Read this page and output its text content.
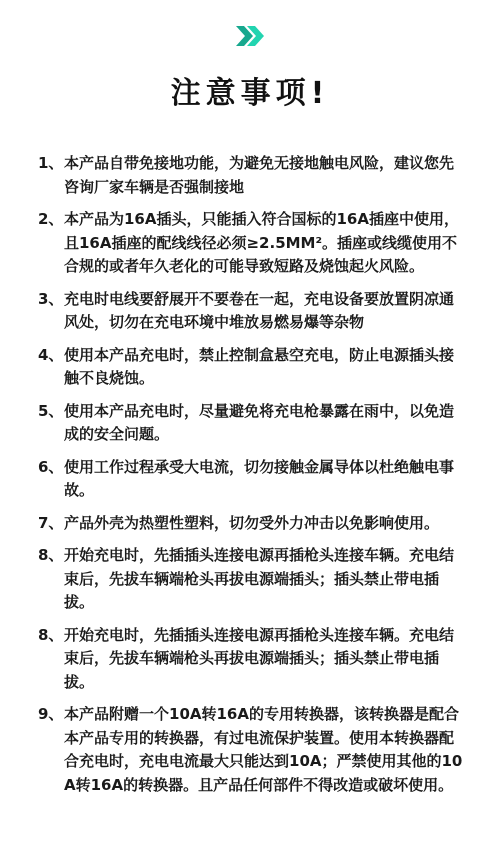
注意事项!
1、 本产品自带免接地功能，为避免无接地触电风险，建议您先咨询厂家车辆是否强制接地
2、 本产品为16A插头，只能插入符合国标的16A插座中使用，且16A插座的配线线径必须≥2.5MM²。插座或线缆使用不合规的或者年久老化的可能导致短路及烧蚀起火风险。
3、 充电时电线要舒展开不要卷在一起，充电设备要放置阴凉通风处，切勿在充电环境中堆放易燃易爆等杂物
4、 使用本产品充电时，禁止控制盒悬空充电，防止电源插头接触不良烧蚀。
5、 使用本产品充电时，尽量避免将充电枪暴露在雨中，以免造成的安全问题。
6、 使用工作过程承受大电流，切勿接触金属导体以杜绝触电事故。
7、 产品外壳为热塑性塑料，切勿受外力冲击以免影响使用。
8、 开始充电时，先插插头连接电源再插枪头连接车辆。充电结束后，先拔车辆端枪头再拔电源端插头；插头禁止带电插拔。
8、 开始充电时，先插插头连接电源再插枪头连接车辆。充电结束后，先拔车辆端枪头再拔电源端插头；插头禁止带电插拔。
9、 本产品附赠一个10A转16A的专用转换器，该转换器是配合本产品专用的转换器，有过电流保护装置。使用本转换器配合充电时，充电电流最大只能达到10A；严禁使用其他的10A转16A的转换器。且产品任何部件不得改造或破坏使用。
